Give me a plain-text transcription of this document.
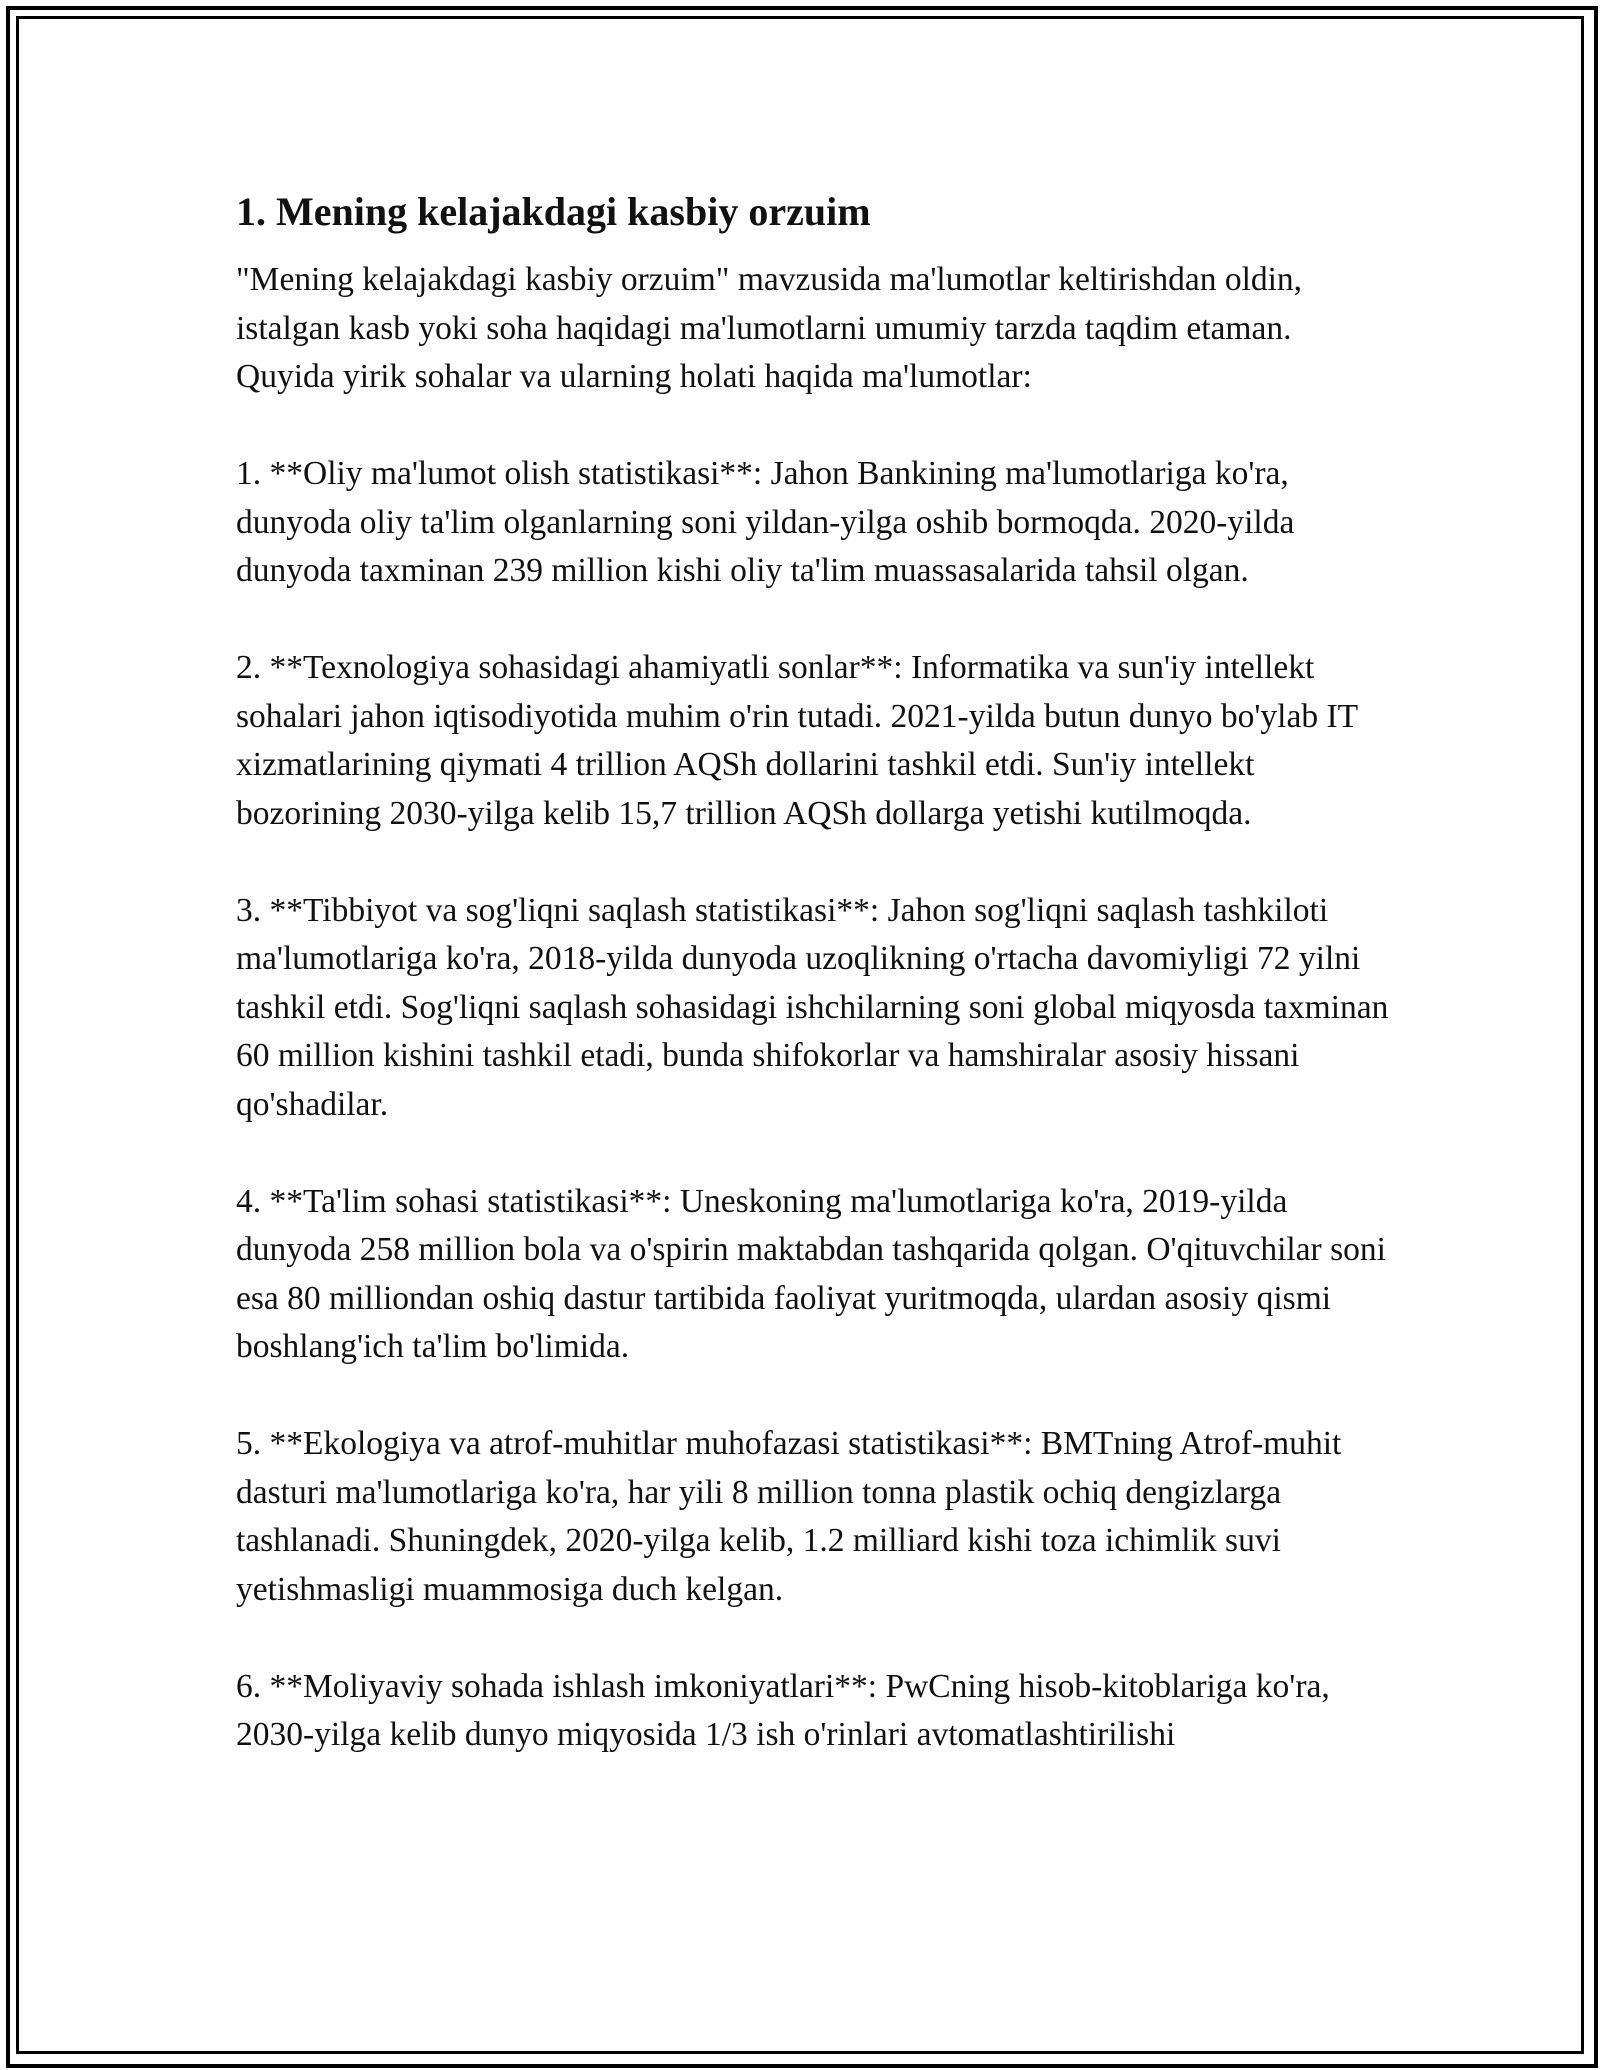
1. Mening kelajakdagi kasbiy orzuim

"Mening kelajakdagi kasbiy orzuim" mavzusida ma'lumotlar keltirishdan oldin, istalgan kasb yoki soha haqidagi ma'lumotlarni umumiy tarzda taqdim etaman. Quyida yirik sohalar va ularning holati haqida ma'lumotlar:

1. **Oliy ma'lumot olish statistikasi**: Jahon Bankining ma'lumotlariga ko'ra, dunyoda oliy ta'lim olganlarning soni yildan-yilga oshib bormoqda. 2020-yilda dunyoda taxminan 239 million kishi oliy ta'lim muassasalarida tahsil olgan.

2. **Texnologiya sohasidagi ahamiyatli sonlar**: Informatika va sun'iy intellekt sohalari jahon iqtisodiyotida muhim o'rin tutadi. 2021-yilda butun dunyo bo'ylab IT xizmatlarining qiymati 4 trillion AQSh dollarini tashkil etdi. Sun'iy intellekt bozorining 2030-yilga kelib 15,7 trillion AQSh dollarga yetishi kutilmoqda.

3. **Tibbiyot va sog'liqni saqlash statistikasi**: Jahon sog'liqni saqlash tashkiloti ma'lumotlariga ko'ra, 2018-yilda dunyoda uzoqlikning o'rtacha davomiyligi 72 yilni tashkil etdi. Sog'liqni saqlash sohasidagi ishchilarning soni global miqyosda taxminan 60 million kishini tashkil etadi, bunda shifokorlar va hamshiralar asosiy hissani qo'shadilar.

4. **Ta'lim sohasi statistikasi**: Uneskoning ma'lumotlariga ko'ra, 2019-yilda dunyoda 258 million bola va o'spirin maktabdan tashqarida qolgan. O'qituvchilar soni esa 80 milliondan oshiq dastur tartibida faoliyat yuritmoqda, ulardan asosiy qismi boshlang'ich ta'lim bo'limida.

5. **Ekologiya va atrof-muhitlar muhofazasi statistikasi**: BMTning Atrof-muhit dasturi ma'lumotlariga ko'ra, har yili 8 million tonna plastik ochiq dengizlarga tashlanadi. Shuningdek, 2020-yilga kelib, 1.2 milliard kishi toza ichimlik suvi yetishmasligi muammosiga duch kelgan.

6. **Moliyaviy sohada ishlash imkoniyatlari**: PwCning hisob-kitoblariga ko'ra, 2030-yilga kelib dunyo miqyosida 1/3 ish o'rinlari avtomatlashtirilishi
